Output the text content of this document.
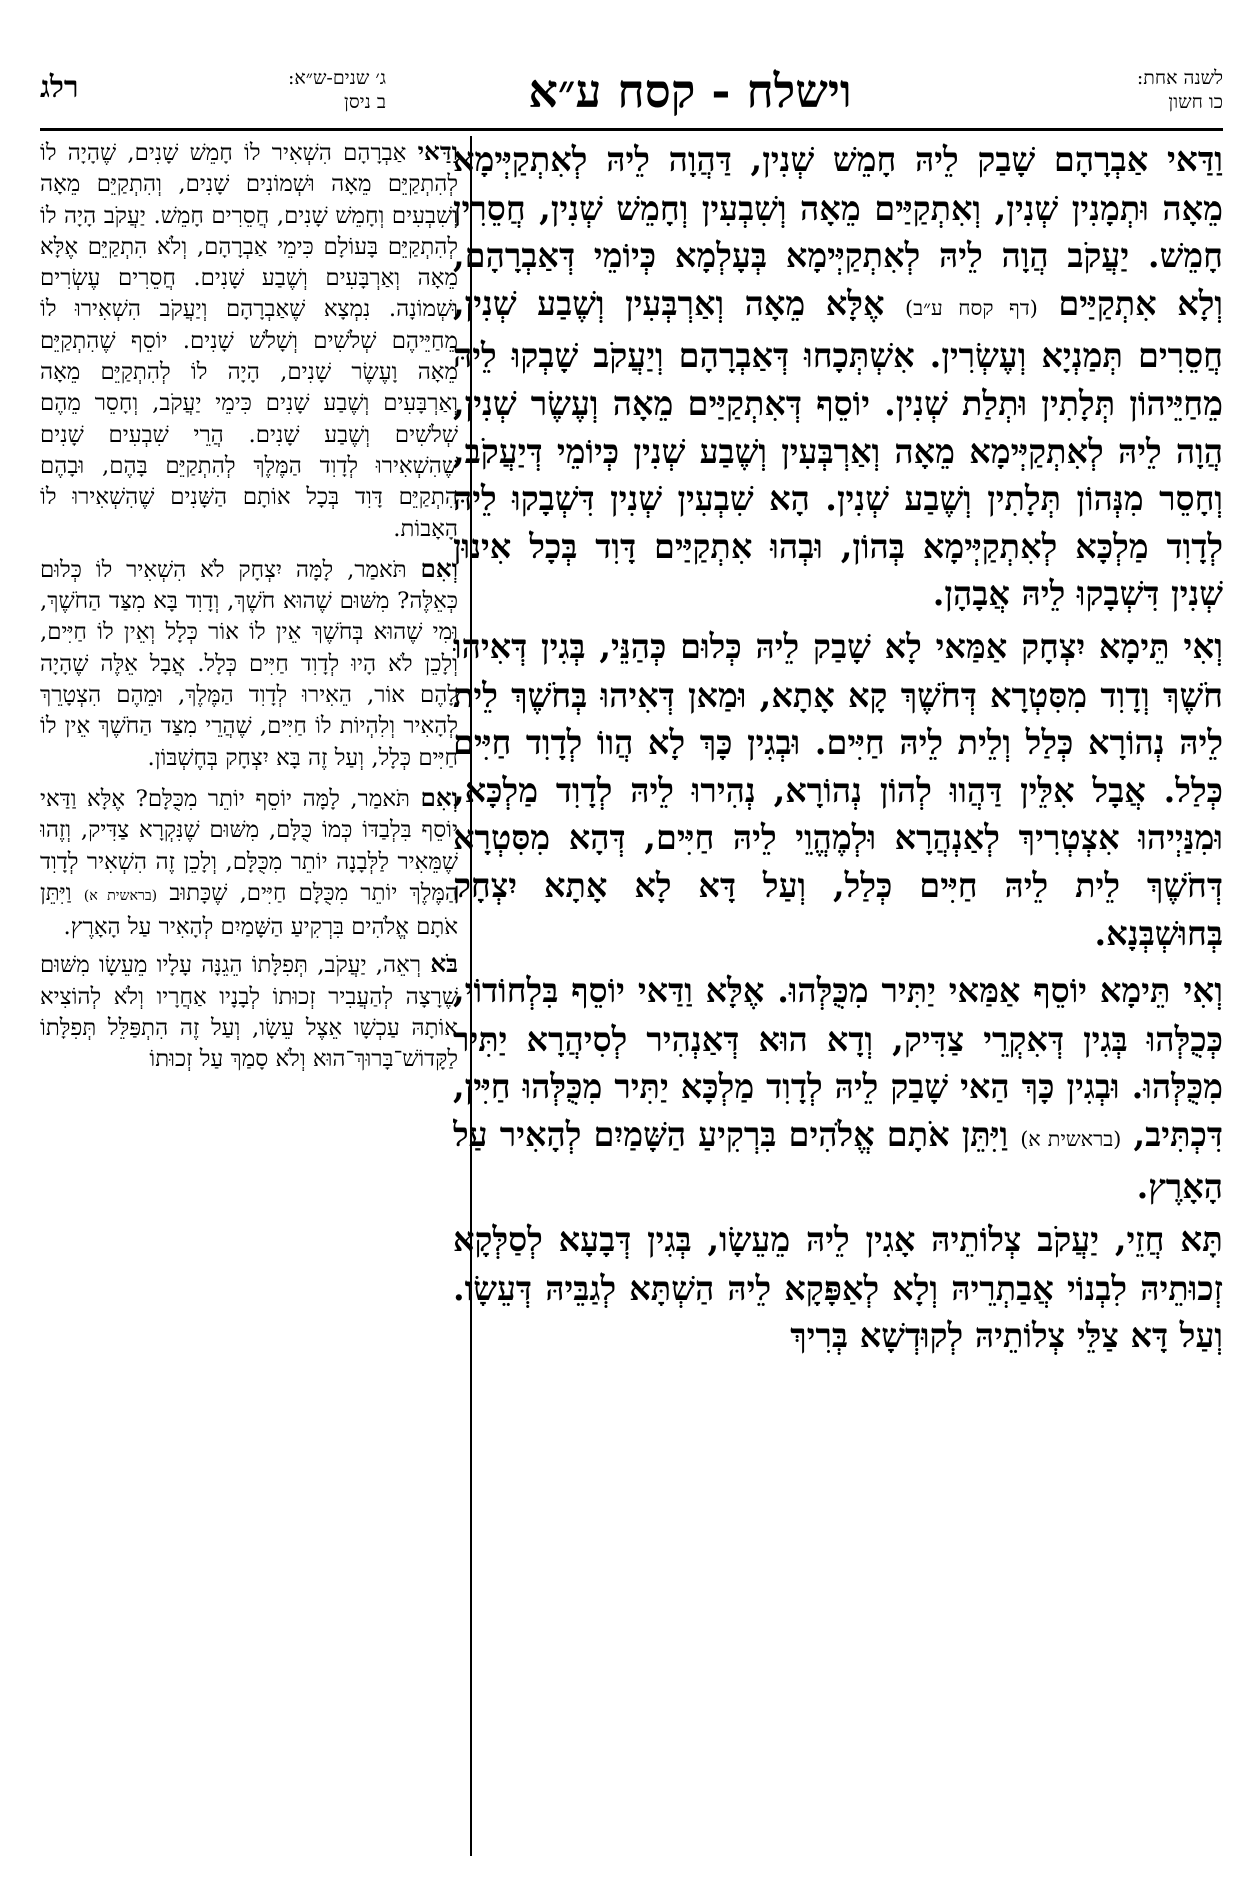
רלג	ג׳ שנים-ש״א:
ב ניסן	וישלח - קסח ע״א	לשנה אחת:
כו חשון

וַדַּאי אַבְרָהָם שָׁבַק לֵיהּ חָמֵשׁ שְׁנִין, דַּהֲוָה לֵיהּ לְאִתְקַיְּימָא מֵאָה וּתְמָנִין שְׁנִין, וְאִתְקַיַּים מֵאָה וְשִׁבְעִין וְחָמֵשׁ שְׁנִין, חֲסֵרִין חָמֵשׁ. יַעֲקֹב הֲוָה לֵיהּ לְאִתְקַיְּימָא בְּעָלְמָא כְּיוֹמֵי דְּאַבְרָהָם, וְלָא אִתְקַיַּים (דף קסח ע״ב) אֶלָּא מֵאָה וְאַרְבְּעִין וְשֶׁבַע שְׁנִין, חֲסֵרִים תְּמַנְיָא וְעֶשְׂרִין. אִשְׁתְּכָחוּ דְּאַבְרָהָם וְיַעֲקֹב שָׁבְקוּ לֵיהּ מֵחַיֵּיהוֹן תְּלָתִין וּתְלַת שְׁנִין. יוֹסֵף דְּאִתְקַיַּים מֵאָה וְעֶשֶׂר שְׁנִין, הֲוָה לֵיהּ לְאִתְקַיְּימָא מֵאָה וְאַרְבְּעִין וְשֶׁבַע שְׁנִין כְּיוֹמֵי דְּיַעֲקֹב, וְחָסֵר מִנְּהוֹן תְּלָתִין וְשֶׁבַע שְׁנִין. הָא שִׁבְעִין שְׁנִין דִּשְׁבָקוּ לֵיהּ לְדָוִד מַלְכָּא לְאִתְקַיְּימָא בְּהוֹן, וּבְהוּ אִתְקַיַּים דָּוִד בְּכָל אִינוּן שְׁנִין דִּשְׁבָקוּ לֵיהּ אֲבָהָן.

וְאִי תֵּימָא יִצְחָק אַמַּאי לָא שָׁבַק לֵיהּ כְּלוּם כְּהַנֵּי, בְּגִין דְּאִיהוּ חֹשֶׁךְ וְדָוִד מִסִּטְרָא דְּחֹשֶׁךְ קָא אָתָא, וּמַאן דְּאִיהוּ בְּחֹשֶׁךְ לֵית לֵיהּ נְהוֹרָא כְּלַל וְלֵית לֵיהּ חַיִּים. וּבְגִין כָּךְ לָא הֲווֹ לְדָוִד חַיִּים כְּלַל. אֲבָל אִלֵּין דַּהֲווּ לְהוֹן נְהוֹרָא, נְהִירוּ לֵיהּ לְדָוִד מַלְכָּא, וּמִנַּיְיהוּ אִצְטְרִיךְ לְאַנְהֲרָא וּלְמֶהֱוֵי לֵיהּ חַיִּים, דְּהָא מִסִּטְרָא דְּחֹשֶׁךְ לֵית לֵיהּ חַיִּים כְּלַל, וְעַל דָּא לָא אָתָא יִצְחָק בְּחוּשְׁבְּנָא.

וְאִי תֵּימָא יוֹסֵף אַמַּאי יַתִּיר מִכֻּלְּהוּ. אֶלָּא וַדַּאי יוֹסֵף בִּלְחוֹדוֹי, כְּכֻלְּהוּ בְּגִין דְּאִקְרֵי צַדִּיק, וְדָא הוּא דְּאַנְהִיר לְסִיהֲרָא יַתִּיר מִכֻּלְּהוּ. וּבְגִין כָּךְ הַאי שָׁבַק לֵיהּ לְדָוִד מַלְכָּא יַתִּיר מִכֻּלְּהוּ חַיִּין, דִּכְתִּיב, (בראשית א) וַיִּתֵּן אֹתָם אֱלֹהִים בִּרְקִיעַ הַשָּׁמַיִם לְהָאִיר עַל הָאָרֶץ.

תָּא חֲזֵי, יַעֲקֹב צְלוֹתֵיהּ אָגִין לֵיהּ מֵעֵשָׂו, בְּגִין דְּבָעָא לְסַלְּקָא זְכוּתֵיהּ לִבְנוֹי אֲבַתְרֵיהּ וְלָא לְאַפָּקָא לֵיהּ הַשְׁתָּא לְגַבֵּיהּ דְּעֵשָׂו. וְעַל דָּא צַלֵּי צְלוֹתֵיהּ לְקוּדְשָׁא בְּרִיךְ

וַדַּאי אַבְרָהָם הִשְׁאִיר לוֹ חָמֵשׁ שָׁנִים, שֶׁהָיָה לוֹ לְהִתְקַיֵּם מֵאָה וּשְׁמוֹנִים שָׁנִים, וְהִתְקַיֵּם מֵאָה וְשִׁבְעִים וְחָמֵשׁ שָׁנִים, חֲסֵרִים חָמֵשׁ. יַעֲקֹב הָיָה לוֹ לְהִתְקַיֵּם בָּעוֹלָם כִּימֵי אַבְרָהָם, וְלֹא הִתְקַיֵּם אֶלָּא מֵאָה וְאַרְבָּעִים וְשֶׁבַע שָׁנִים. חֲסֵרִים עֶשְׂרִים וּשְׁמוֹנָה. נִמְצָא שֶׁאַבְרָהָם וְיַעֲקֹב הִשְׁאִירוּ לוֹ מֵחַיֵּיהֶם שְׁלֹשִׁים וְשָׁלֹשׁ שָׁנִים. יוֹסֵף שֶׁהִתְקַיֵּם מֵאָה וָעֶשֶׂר שָׁנִים, הָיָה לוֹ לְהִתְקַיֵּם מֵאָה וְאַרְבָּעִים וְשֶׁבַע שָׁנִים כִּימֵי יַעֲקֹב, וְחָסֵר מֵהֶם שְׁלֹשִׁים וְשֶׁבַע שָׁנִים. הֲרֵי שִׁבְעִים שָׁנִים שֶׁהִשְׁאִירוּ לְדָוִד הַמֶּלֶךְ לְהִתְקַיֵּם בָּהֶם, וּבָהֶם הִתְקַיֵּם דָּוִד בְּכָל אוֹתָם הַשָּׁנִים שֶׁהִשְׁאִירוּ לוֹ הָאָבוֹת.

וְאִם תֹּאמַר, לָמָּה יִצְחָק לֹא הִשְׁאִיר לוֹ כְּלוּם כְּאֵלֶּה? מִשּׁוּם שֶׁהוּא חֹשֶׁךְ, וְדָוִד בָּא מִצַּד הַחֹשֶׁךְ, וּמִי שֶׁהוּא בְּחֹשֶׁךְ אֵין לוֹ אוֹר כְּלָל וְאֵין לוֹ חַיִּים, וְלָכֵן לֹא הָיוּ לְדָוִד חַיִּים כְּלָל. אֲבָל אֵלֶּה שֶׁהָיָה לָהֶם אוֹר, הֵאִירוּ לְדָוִד הַמֶּלֶךְ, וּמֵהֶם הִצְטָרֵךְ לְהָאִיר וְלִהְיוֹת לוֹ חַיִּים, שֶׁהֲרֵי מִצַּד הַחֹשֶׁךְ אֵין לוֹ חַיִּים כְּלָל, וְעַל זֶה בָּא יִצְחָק בְּחֶשְׁבּוֹן.

וְאִם תֹּאמַר, לָמָּה יוֹסֵף יוֹתֵר מִכֻּלָּם? אֶלָּא וַדַּאי יוֹסֵף בִּלְבַדּוֹ כְּמוֹ כֻּלָּם, מִשּׁוּם שֶׁנִּקְרָא צַדִּיק, וְזֶהוּ שֶׁמֵּאִיר לַלְּבָנָה יוֹתֵר מִכֻּלָּם, וְלָכֵן זֶה הִשְׁאִיר לְדָוִד הַמֶּלֶךְ יוֹתֵר מִכֻּלָּם חַיִּים, שֶׁכָּתוּב (בראשית א) וַיִּתֵּן אֹתָם אֱלֹהִים בִּרְקִיעַ הַשָּׁמַיִם לְהָאִיר עַל הָאָרֶץ.

בֹּא רְאֵה, יַעֲקֹב, תְּפִלָּתוֹ הֵגֵנָּה עָלָיו מֵעֵשָׂו מִשּׁוּם שֶׁרָצָה לְהַעֲבִיר זְכוּתוֹ לְבָנָיו אַחֲרָיו וְלֹא לְהוֹצִיא אוֹתָהּ עַכְשָׁו אֵצֶל עֵשָׂו, וְעַל זֶה הִתְפַּלֵּל תְּפִלָּתוֹ לַקָּדוֹשׁ־בָּרוּךְ־הוּא וְלֹא סָמַךְ עַל זְכוּתוֹ
